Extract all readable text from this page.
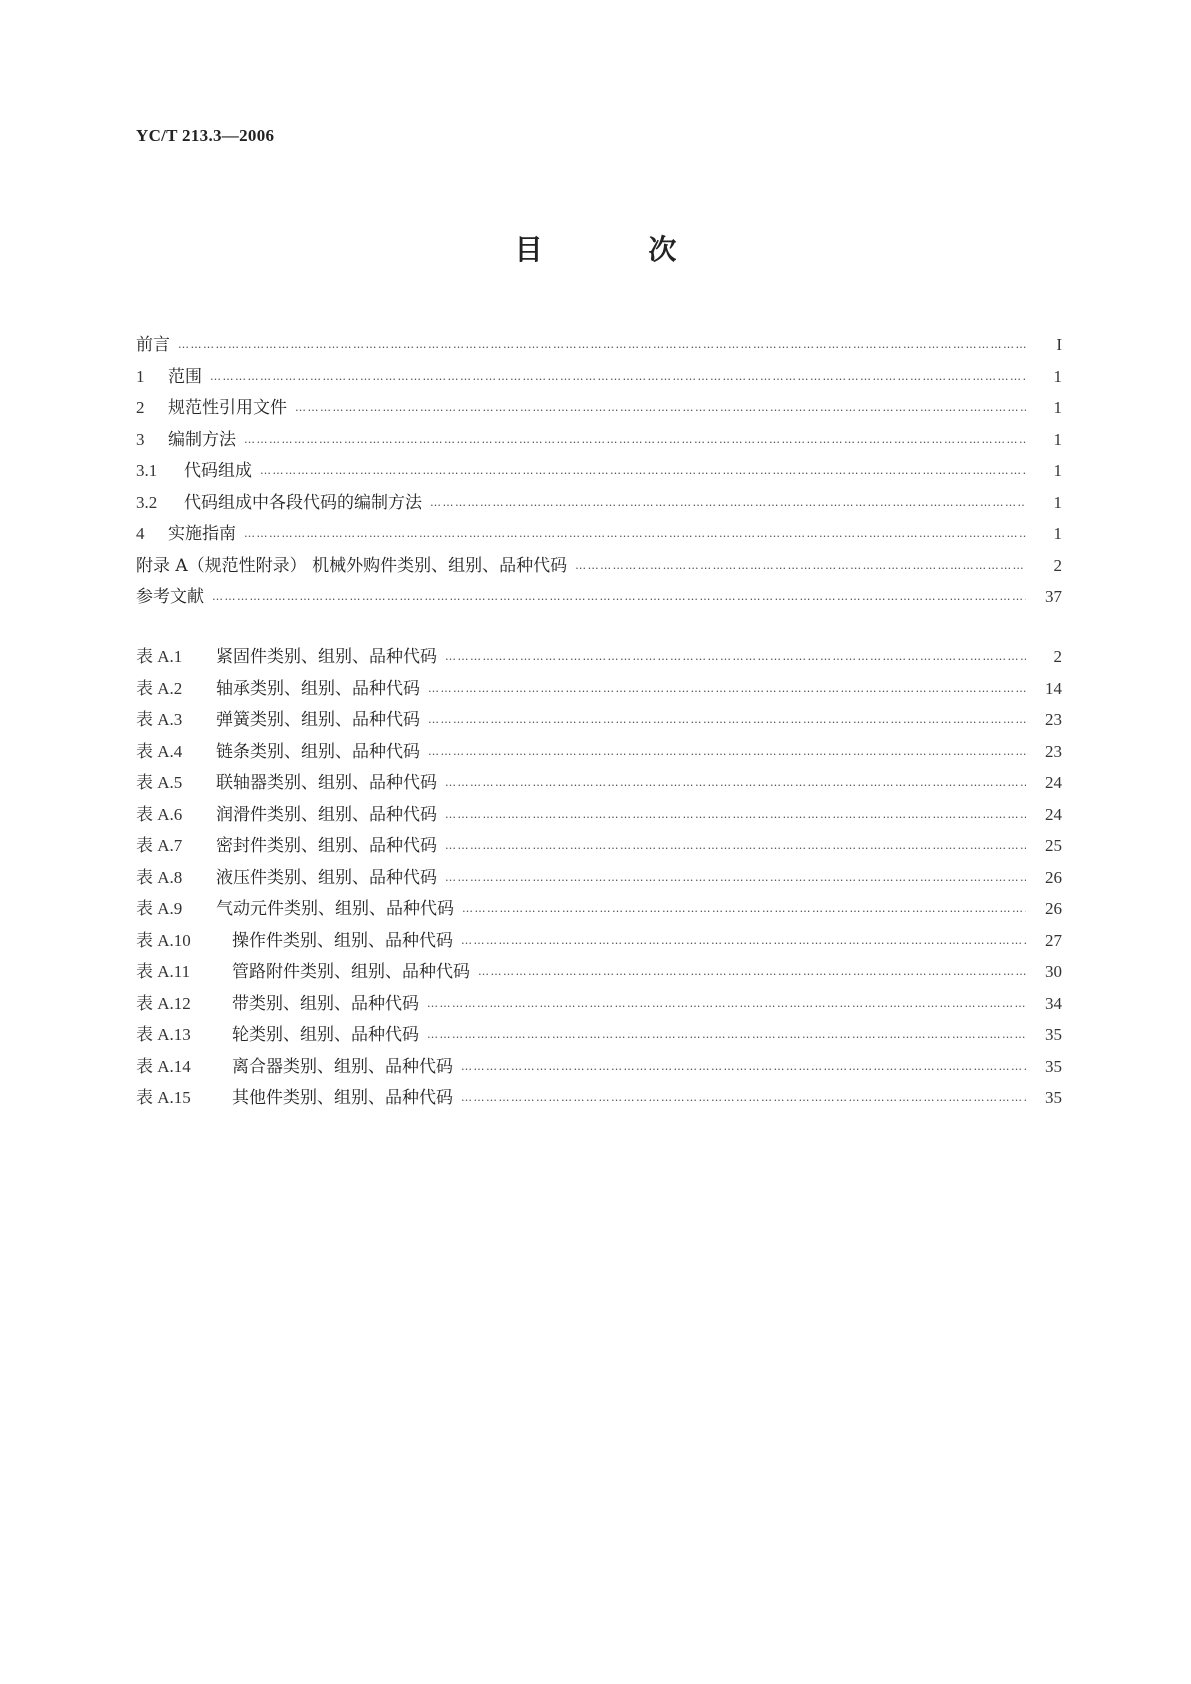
YC/T 213.3—2006
目 次
前言 …………………………………………………………………………………………………………………………………………………………………………………………………………………………	I
1 范围 …………………………………………………………………………………………………………………………………………………………………………………………………………………………	1
2 规范性引用文件 …………………………………………………………………………………………………………………………………………………………………………………………………………………………	1
3 编制方法 …………………………………………………………………………………………………………………………………………………………………………………………………………………………	1
3.1 代码组成 …………………………………………………………………………………………………………………………………………………………………………………………………………………………	1
3.2 代码组成中各段代码的编制方法 …………………………………………………………………………………………………………………………………………………………………………………………………………………………	1
4 实施指南 …………………………………………………………………………………………………………………………………………………………………………………………………………………………	1
附录 A（规范性附录） 机械外购件类别、组别、品种代码 …………………………………………………………………………………………………………………………………………………………………………………………………………………………	2
参考文献 …………………………………………………………………………………………………………………………………………………………………………………………………………………………	37
表 A.1 紧固件类别、组别、品种代码 …………………………………………………………………………………………………………………………………………………………………………………………………………………………	2
表 A.2 轴承类别、组别、品种代码 …………………………………………………………………………………………………………………………………………………………………………………………………………………………	14
表 A.3 弹簧类别、组别、品种代码 …………………………………………………………………………………………………………………………………………………………………………………………………………………………	23
表 A.4 链条类别、组别、品种代码 …………………………………………………………………………………………………………………………………………………………………………………………………………………………	23
表 A.5 联轴器类别、组别、品种代码 …………………………………………………………………………………………………………………………………………………………………………………………………………………………	24
表 A.6 润滑件类别、组别、品种代码 …………………………………………………………………………………………………………………………………………………………………………………………………………………………	24
表 A.7 密封件类别、组别、品种代码 …………………………………………………………………………………………………………………………………………………………………………………………………………………………	25
表 A.8 液压件类别、组别、品种代码 …………………………………………………………………………………………………………………………………………………………………………………………………………………………	26
表 A.9 气动元件类别、组别、品种代码 …………………………………………………………………………………………………………………………………………………………………………………………………………………………	26
表 A.10 操作件类别、组别、品种代码 …………………………………………………………………………………………………………………………………………………………………………………………………………………………	27
表 A.11 管路附件类别、组别、品种代码 …………………………………………………………………………………………………………………………………………………………………………………………………………………………	30
表 A.12 带类别、组别、品种代码 …………………………………………………………………………………………………………………………………………………………………………………………………………………………	34
表 A.13 轮类别、组别、品种代码 …………………………………………………………………………………………………………………………………………………………………………………………………………………………	35
表 A.14 离合器类别、组别、品种代码 …………………………………………………………………………………………………………………………………………………………………………………………………………………………	35
表 A.15 其他件类别、组别、品种代码 …………………………………………………………………………………………………………………………………………………………………………………………………………………………	35
